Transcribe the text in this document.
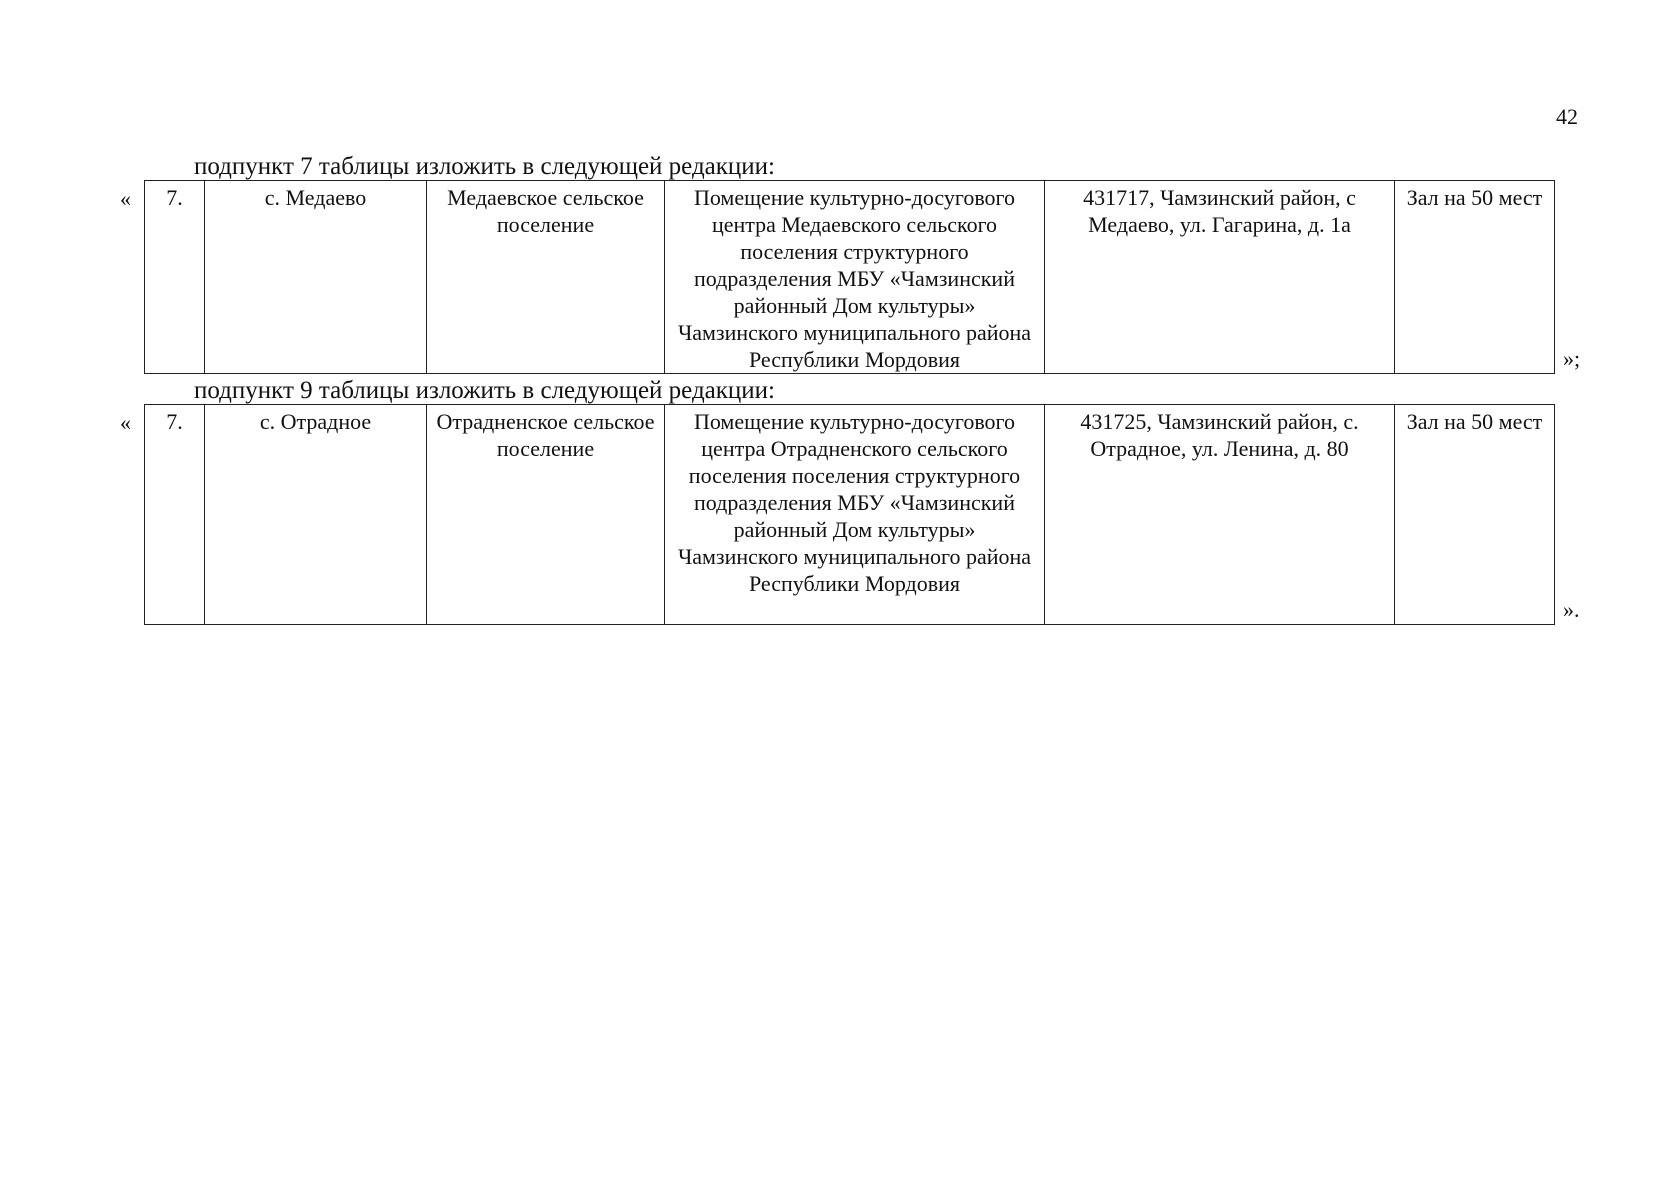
42
подпункт 7 таблицы изложить в следующей редакции:
« 7.	с. Медаево	Медаевское сельское поселение	Помещение культурно-досугового центра Медаевского сельского поселения структурного подразделения МБУ «Чамзинский районный Дом культуры» Чамзинского муниципального района Республики Мордовия	431717, Чамзинский район, с Медаево, ул. Гагарина, д. 1а	Зал на 50 мест
»;
подпункт 9 таблицы изложить в следующей редакции:
« 7.	с. Отрадное	Отрадненское сельское поселение	Помещение культурно-досугового центра Отрадненского сельского поселения поселения структурного подразделения МБУ «Чамзинский районный Дом культуры» Чамзинского муниципального района Республики Мордовия	431725, Чамзинский район, с. Отрадное, ул. Ленина, д. 80	Зал на 50 мест
».
